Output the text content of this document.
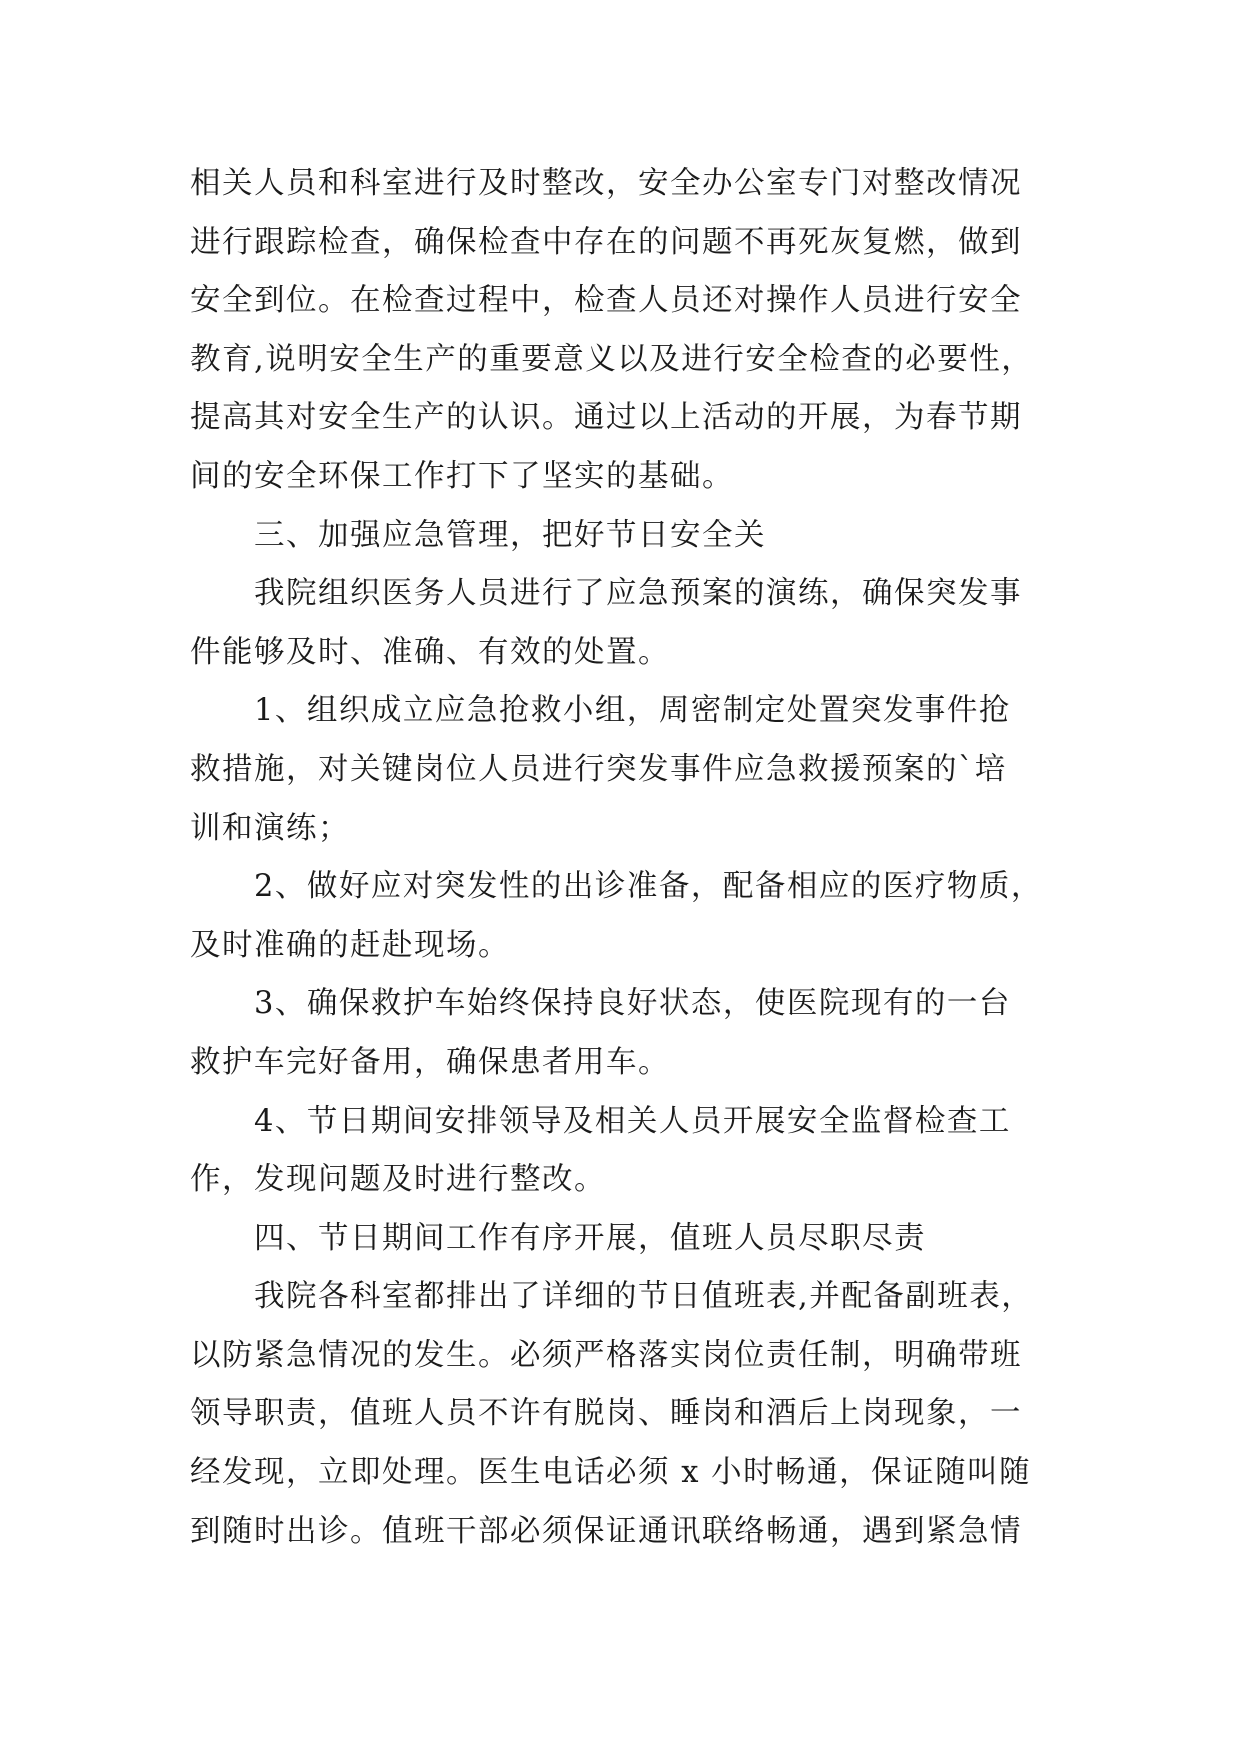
相关人员和科室进行及时整改，安全办公室专门对整改情况
进行跟踪检查，确保检查中存在的问题不再死灰复燃，做到
安全到位。在检查过程中，检查人员还对操作人员进行安全
教育,说明安全生产的重要意义以及进行安全检查的必要性，
提高其对安全生产的认识。通过以上活动的开展，为春节期
间的安全环保工作打下了坚实的基础。
三、加强应急管理，把好节日安全关
我院组织医务人员进行了应急预案的演练，确保突发事
件能够及时、准确、有效的处置。
1、组织成立应急抢救小组，周密制定处置突发事件抢
救措施，对关键岗位人员进行突发事件应急救援预案的`培
训和演练；
2、做好应对突发性的出诊准备，配备相应的医疗物质，
及时准确的赶赴现场。
3、确保救护车始终保持良好状态，使医院现有的一台
救护车完好备用，确保患者用车。
4、节日期间安排领导及相关人员开展安全监督检查工
作，发现问题及时进行整改。
四、节日期间工作有序开展，值班人员尽职尽责
我院各科室都排出了详细的节日值班表,并配备副班表，
以防紧急情况的发生。必须严格落实岗位责任制，明确带班
领导职责，值班人员不许有脱岗、睡岗和酒后上岗现象，一
经发现，立即处理。医生电话必须 x 小时畅通，保证随叫随
到随时出诊。值班干部必须保证通讯联络畅通，遇到紧急情
